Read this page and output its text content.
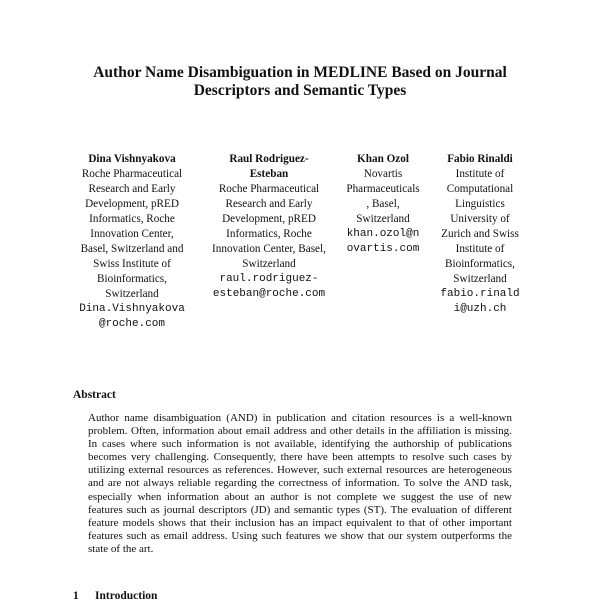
Author Name Disambiguation in MEDLINE Based on Journal
Descriptors and Semantic Types
Dina Vishnyakova
Roche Pharmaceutical
Research and Early
Development, pRED
Informatics, Roche
Innovation Center,
Basel, Switzerland and
Swiss Institute of
Bioinformatics,
Switzerland
Dina.Vishnyakova
@roche.com
Raul Rodriguez-
Esteban
Roche Pharmaceutical
Research and Early
Development, pRED
Informatics, Roche
Innovation Center, Basel,
Switzerland
raul.rodriguez-
esteban@roche.com
Khan Ozol
Novartis
Pharmaceuticals
, Basel,
Switzerland
khan.ozol@n
ovartis.com
Fabio Rinaldi
Institute of
Computational
Linguistics
University of
Zurich and Swiss
Institute of
Bioinformatics,
Switzerland
fabio.rinald
i@uzh.ch
Abstract
Author name disambiguation (AND) in publication and citation resources is a well-known
problem. Often, information about email address and other details in the affiliation is missing.
In cases where such information is not available, identifying the authorship of publications
becomes very challenging. Consequently, there have been attempts to resolve such cases by
utilizing external resources as references. However, such external resources are heterogeneous
and are not always reliable regarding the correctness of information. To solve the AND task,
especially when information about an author is not complete we suggest the use of new
features such as journal descriptors (JD) and semantic types (ST). The evaluation of different
feature models shows that their inclusion has an impact equivalent to that of other important
features such as email address. Using such features we show that our system outperforms the
state of the art.
1 Introduction
